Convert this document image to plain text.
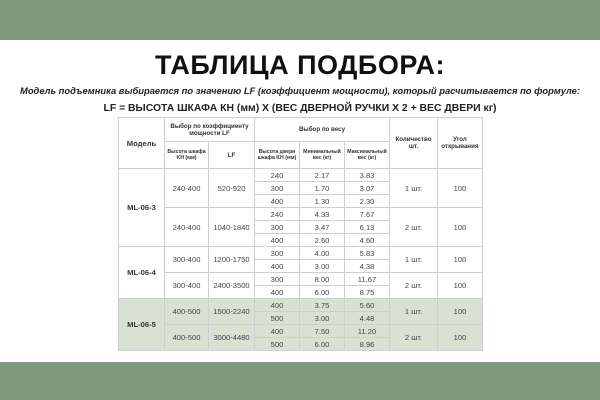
ТАБЛИЦА ПОДБОРА:
Модель подъемника выбирается по значению LF (коэффициент мощности), который расчитывается по формуле:
LF = ВЫСОТА ШКАФА КН (мм) X (ВЕС ДВЕРНОЙ РУЧКИ X 2 + ВЕС ДВЕРИ кг)
Модель	Выбор по коэффициенту мощности LF		Выбор по весу			Количество шт.	Угол открывания
	Высота шкафа KH (мм)	LF	Высота двери шкафа KH (мм)	Минимальный вес (кг)	Максимальный вес (кг)		
ML-06-3	240-400	520-920	240	2.17	3.83	1 шт.	100
			300	1.70	3.07		
			400	1.30	2.30		
	240-400	1040-1840	240	4.33	7.67	2 шт.	100
			300	3.47	6.13		
			400	2.60	4.60		
ML-06-4	300-400	1200-1750	300	4.00	5.83	1 шт.	100
			400	3.00	4.38		
	300-400	2400-3500	300	8.00	11.67	2 шт.	100
			400	6.00	8.75		
ML-06-5	400-500	1500-2240	400	3.75	5.60	1 шт.	100
			500	3.00	4.48		
	400-500	3000-4480	400	7.50	11.20	2 шт.	100
			500	6.00	8.96		
